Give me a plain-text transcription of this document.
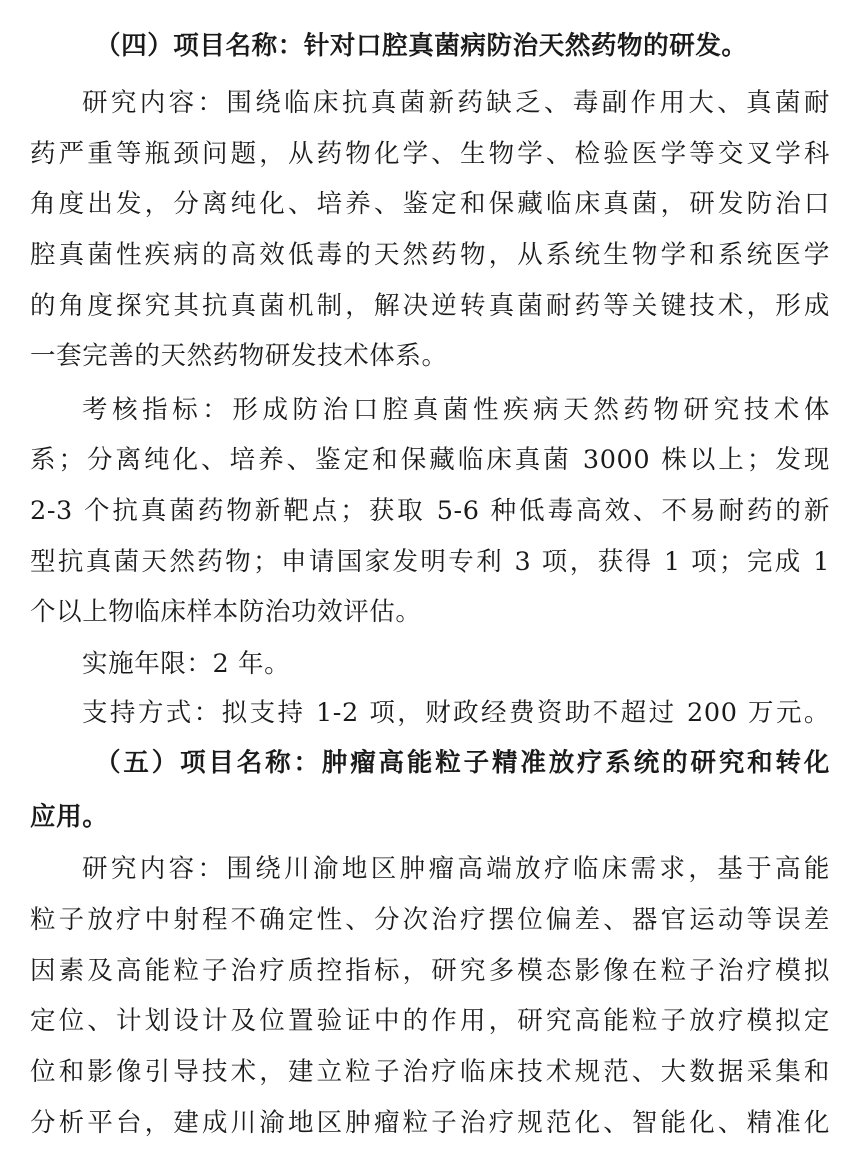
（四）项目名称：针对口腔真菌病防治天然药物的研发。
研究内容：围绕临床抗真菌新药缺乏、毒副作用大、真菌耐
药严重等瓶颈问题，从药物化学、生物学、检验医学等交叉学科
角度出发，分离纯化、培养、鉴定和保藏临床真菌，研发防治口
腔真菌性疾病的高效低毒的天然药物，从系统生物学和系统医学
的角度探究其抗真菌机制，解决逆转真菌耐药等关键技术，形成
一套完善的天然药物研发技术体系。
考核指标：形成防治口腔真菌性疾病天然药物研究技术体
系；分离纯化、培养、鉴定和保藏临床真菌 3000 株以上；发现
2-3 个抗真菌药物新靶点；获取 5-6 种低毒高效、不易耐药的新
型抗真菌天然药物；申请国家发明专利 3 项，获得 1 项；完成 1
个以上物临床样本防治功效评估。
实施年限：2 年。
支持方式：拟支持 1-2 项，财政经费资助不超过 200 万元。
（五）项目名称：肿瘤高能粒子精准放疗系统的研究和转化
应用。
研究内容：围绕川渝地区肿瘤高端放疗临床需求，基于高能
粒子放疗中射程不确定性、分次治疗摆位偏差、器官运动等误差
因素及高能粒子治疗质控指标，研究多模态影像在粒子治疗模拟
定位、计划设计及位置验证中的作用，研究高能粒子放疗模拟定
位和影像引导技术，建立粒子治疗临床技术规范、大数据采集和
分析平台，建成川渝地区肿瘤粒子治疗规范化、智能化、精准化
